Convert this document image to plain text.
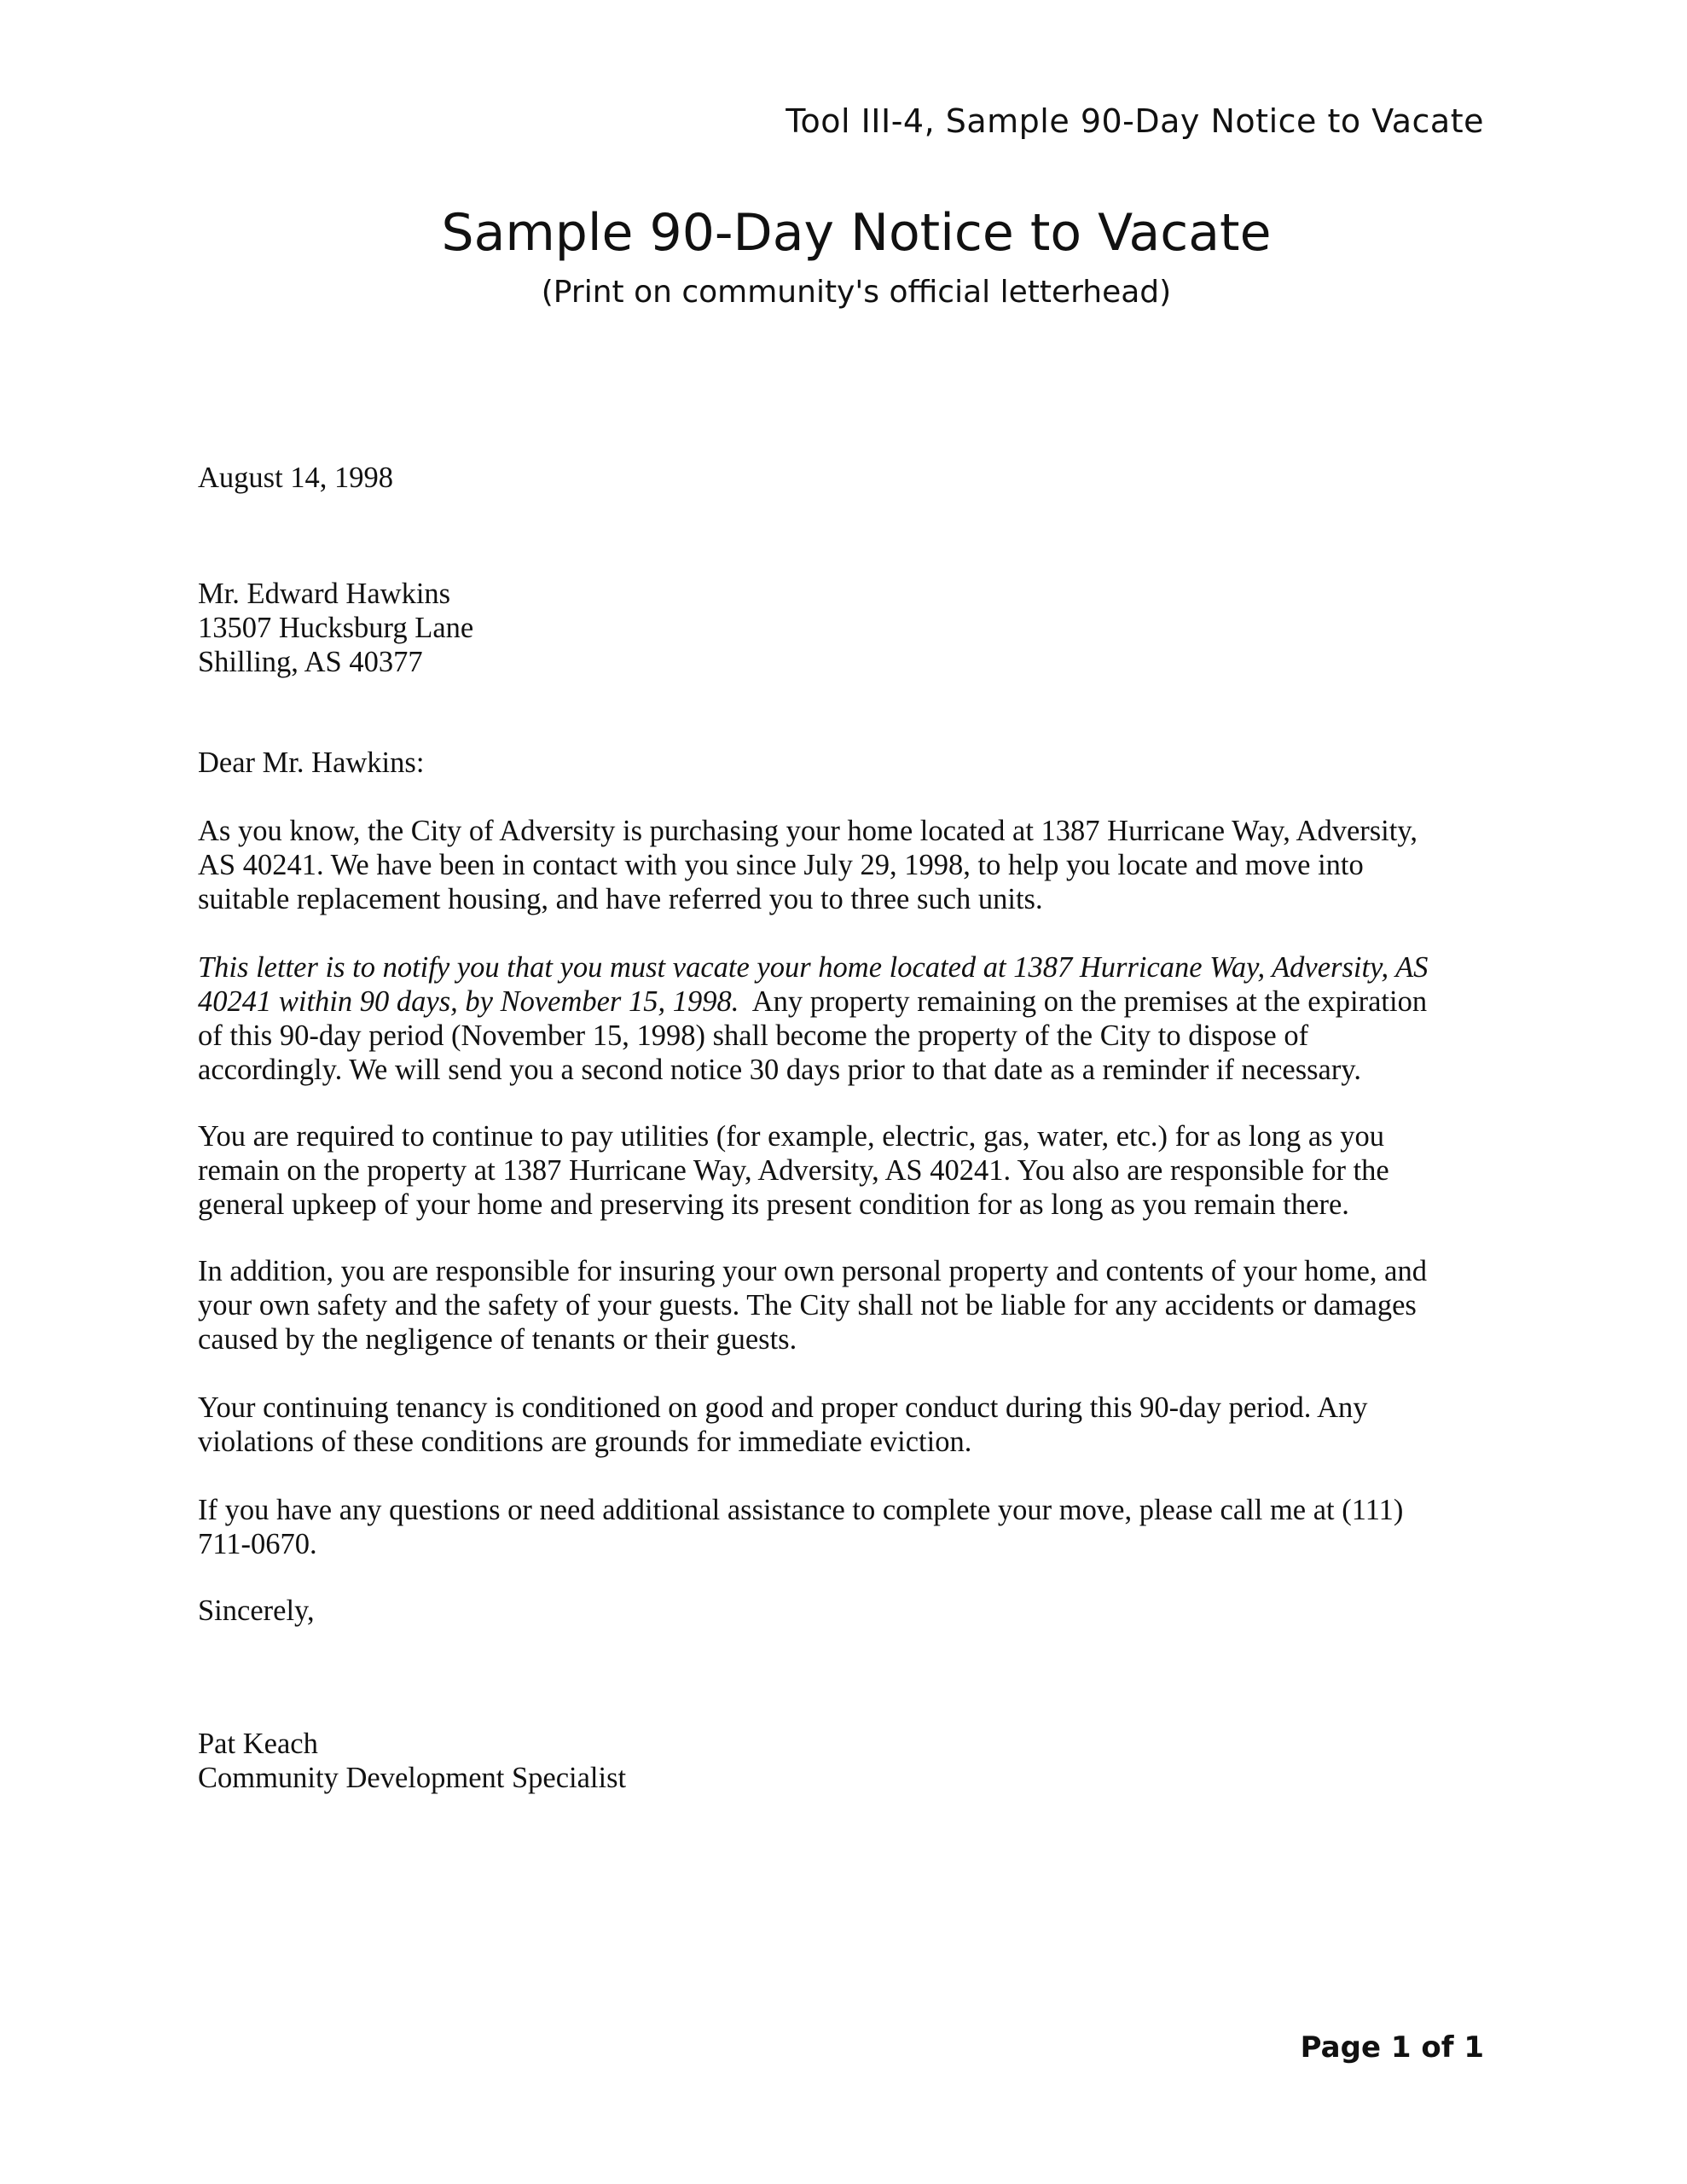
Tool III-4, Sample 90-Day Notice to Vacate
Sample 90-Day Notice to Vacate
(Print on community's official letterhead)
August 14, 1998
Mr. Edward Hawkins
13507 Hucksburg Lane
Shilling, AS 40377
Dear Mr. Hawkins:
As you know, the City of Adversity is purchasing your home located at 1387 Hurricane Way, Adversity,
AS 40241. We have been in contact with you since July 29, 1998, to help you locate and move into
suitable replacement housing, and have referred you to three such units.
This letter is to notify you that you must vacate your home located at 1387 Hurricane Way, Adversity, AS
40241 within 90 days, by November 15, 1998.  Any property remaining on the premises at the expiration
of this 90-day period (November 15, 1998) shall become the property of the City to dispose of
accordingly. We will send you a second notice 30 days prior to that date as a reminder if necessary.
You are required to continue to pay utilities (for example, electric, gas, water, etc.) for as long as you
remain on the property at 1387 Hurricane Way, Adversity, AS 40241. You also are responsible for the
general upkeep of your home and preserving its present condition for as long as you remain there.
In addition, you are responsible for insuring your own personal property and contents of your home, and
your own safety and the safety of your guests. The City shall not be liable for any accidents or damages
caused by the negligence of tenants or their guests.
Your continuing tenancy is conditioned on good and proper conduct during this 90-day period. Any
violations of these conditions are grounds for immediate eviction.
If you have any questions or need additional assistance to complete your move, please call me at (111)
711-0670.
Sincerely,
Pat Keach
Community Development Specialist
Page 1 of 1
